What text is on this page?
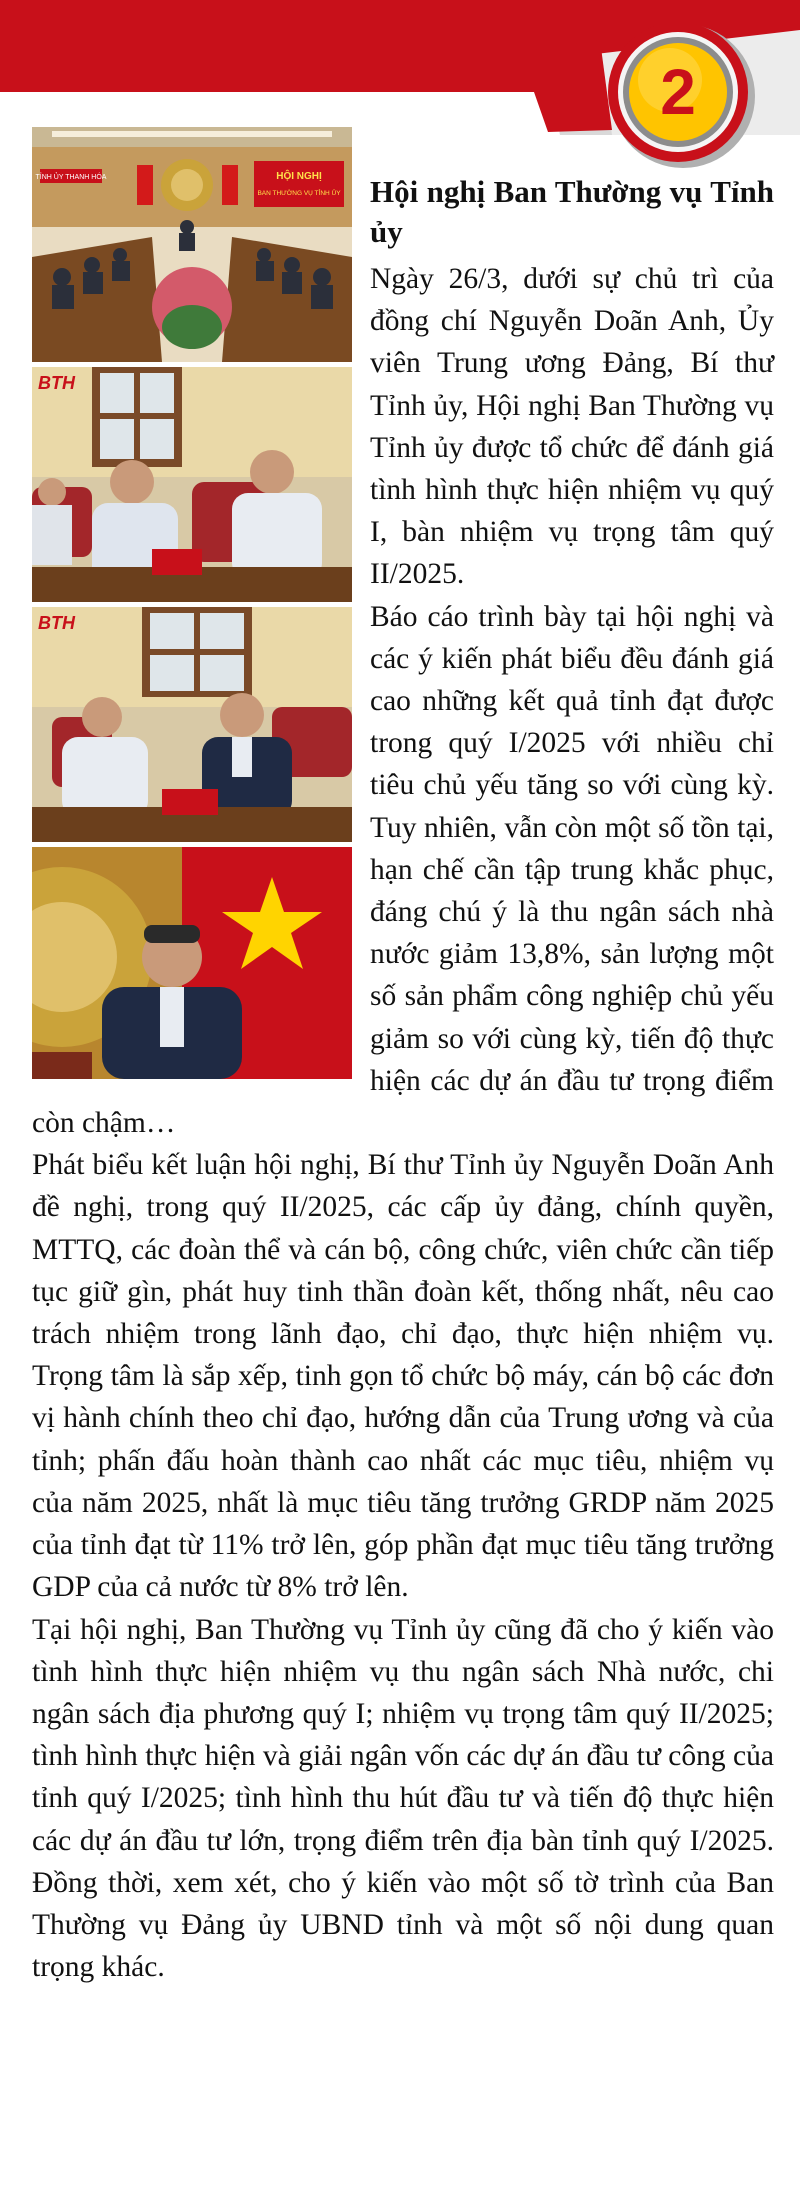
2
TỈNH ỦY THANH HÓA	HỘI NGHỊ
BAN THƯỜNG VỤ TỈNH ỦY
BTH
BTH
Hội nghị Ban Thường vụ Tỉnh ủy

Ngày 26/3, dưới sự chủ trì của đồng chí Nguyễn Doãn Anh, Ủy viên Trung ương Đảng, Bí thư Tỉnh ủy, Hội nghị Ban Thường vụ Tỉnh ủy được tổ chức để đánh giá tình hình thực hiện nhiệm vụ quý I, bàn nhiệm vụ trọng tâm quý II/2025.

Báo cáo trình bày tại hội nghị và các ý kiến phát biểu đều đánh giá cao những kết quả tỉnh đạt được trong quý I/2025 với nhiều chỉ tiêu chủ yếu tăng so với cùng kỳ. Tuy nhiên, vẫn còn một số tồn tại, hạn chế cần tập trung khắc phục, đáng chú ý là thu ngân sách nhà nước giảm 13,8%, sản lượng một số sản phẩm công nghiệp chủ yếu giảm so với cùng kỳ, tiến độ thực hiện các dự án đầu tư trọng điểm còn chậm…

Phát biểu kết luận hội nghị, Bí thư Tỉnh ủy Nguyễn Doãn Anh đề nghị, trong quý II/2025, các cấp ủy đảng, chính quyền, MTTQ, các đoàn thể và cán bộ, công chức, viên chức cần tiếp tục giữ gìn, phát huy tinh thần đoàn kết, thống nhất, nêu cao trách nhiệm trong lãnh đạo, chỉ đạo, thực hiện nhiệm vụ. Trọng tâm là sắp xếp, tinh gọn tổ chức bộ máy, cán bộ các đơn vị hành chính theo chỉ đạo, hướng dẫn của Trung ương và của tỉnh; phấn đấu hoàn thành cao nhất các mục tiêu, nhiệm vụ của năm 2025, nhất là mục tiêu tăng trưởng GRDP năm 2025 của tỉnh đạt từ 11% trở lên, góp phần đạt mục tiêu tăng trưởng GDP của cả nước từ 8% trở lên.

Tại hội nghị, Ban Thường vụ Tỉnh ủy cũng đã cho ý kiến vào tình hình thực hiện nhiệm vụ thu ngân sách Nhà nước, chi ngân sách địa phương quý I; nhiệm vụ trọng tâm quý II/2025; tình hình thực hiện và giải ngân vốn các dự án đầu tư công của tỉnh quý I/2025; tình hình thu hút đầu tư và tiến độ thực hiện các dự án đầu tư lớn, trọng điểm trên địa bàn tỉnh quý I/2025. Đồng thời, xem xét, cho ý kiến vào một số tờ trình của Ban Thường vụ Đảng ủy UBND tỉnh và một số nội dung quan trọng khác.
